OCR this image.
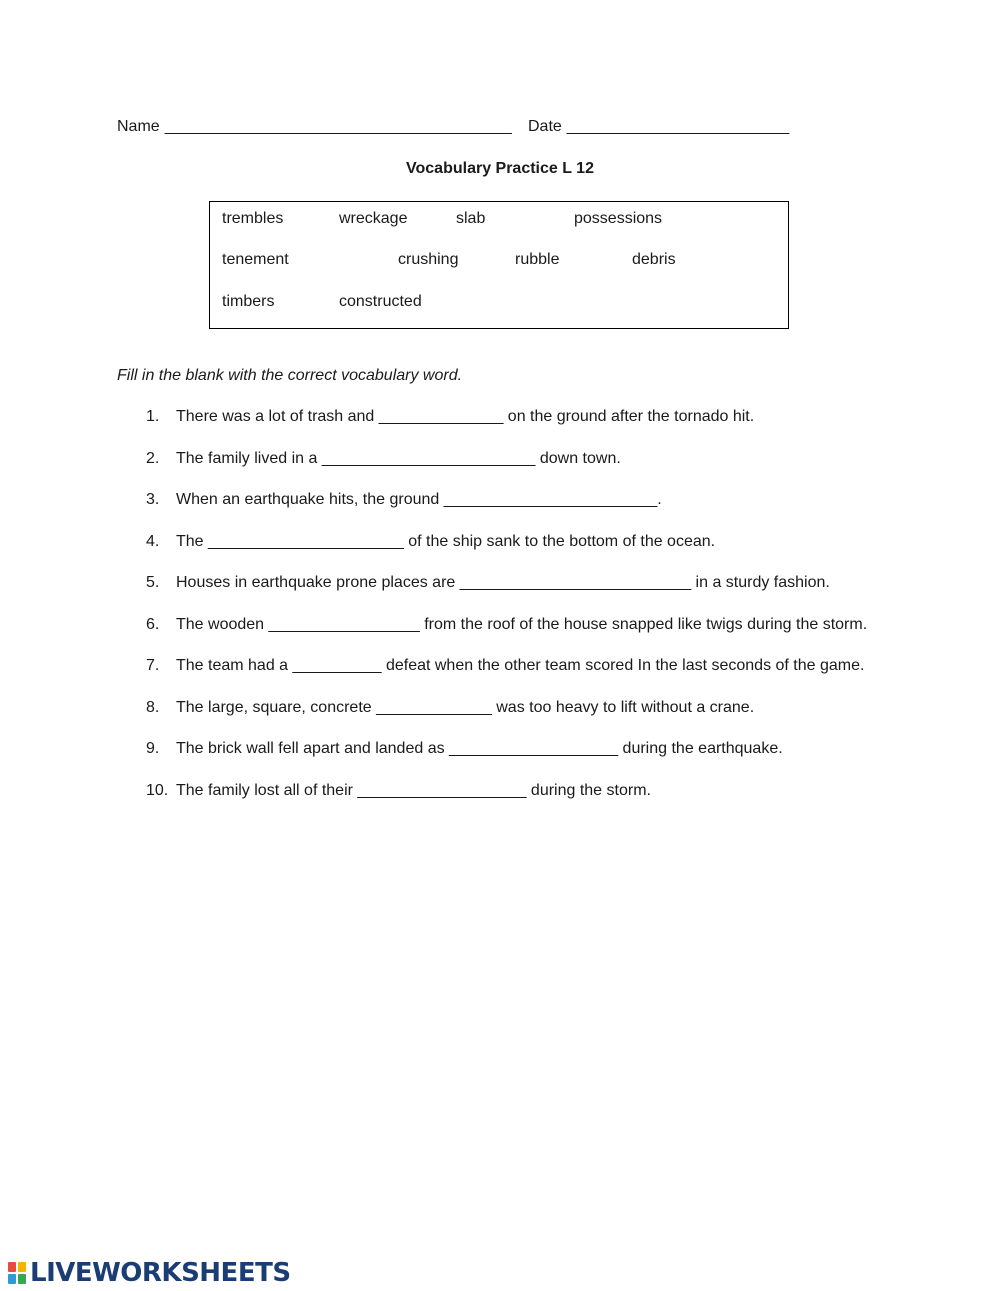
Name _______________________________________ Date _________________________
Vocabulary Practice L 12
trembles	wreckage	slab	possessions
tenement	crushing	rubble	debris
timbers	constructed
Fill in the blank with the correct vocabulary word.
1. There was a lot of trash and ______________ on the ground after the tornado hit.
2. The family lived in a ________________________ down town.
3. When an earthquake hits, the ground ________________________.
4. The ______________________ of the ship sank to the bottom of the ocean.
5. Houses in earthquake prone places are __________________________ in a sturdy fashion.
6. The wooden _________________ from the roof of the house snapped like twigs during the storm.
7. The team had a __________ defeat when the other team scored In the last seconds of the game.
8. The large, square, concrete _____________ was too heavy to lift without a crane.
9. The brick wall fell apart and landed as ___________________ during the earthquake.
10. The family lost all of their ___________________ during the storm.
LIVEWORKSHEETS
